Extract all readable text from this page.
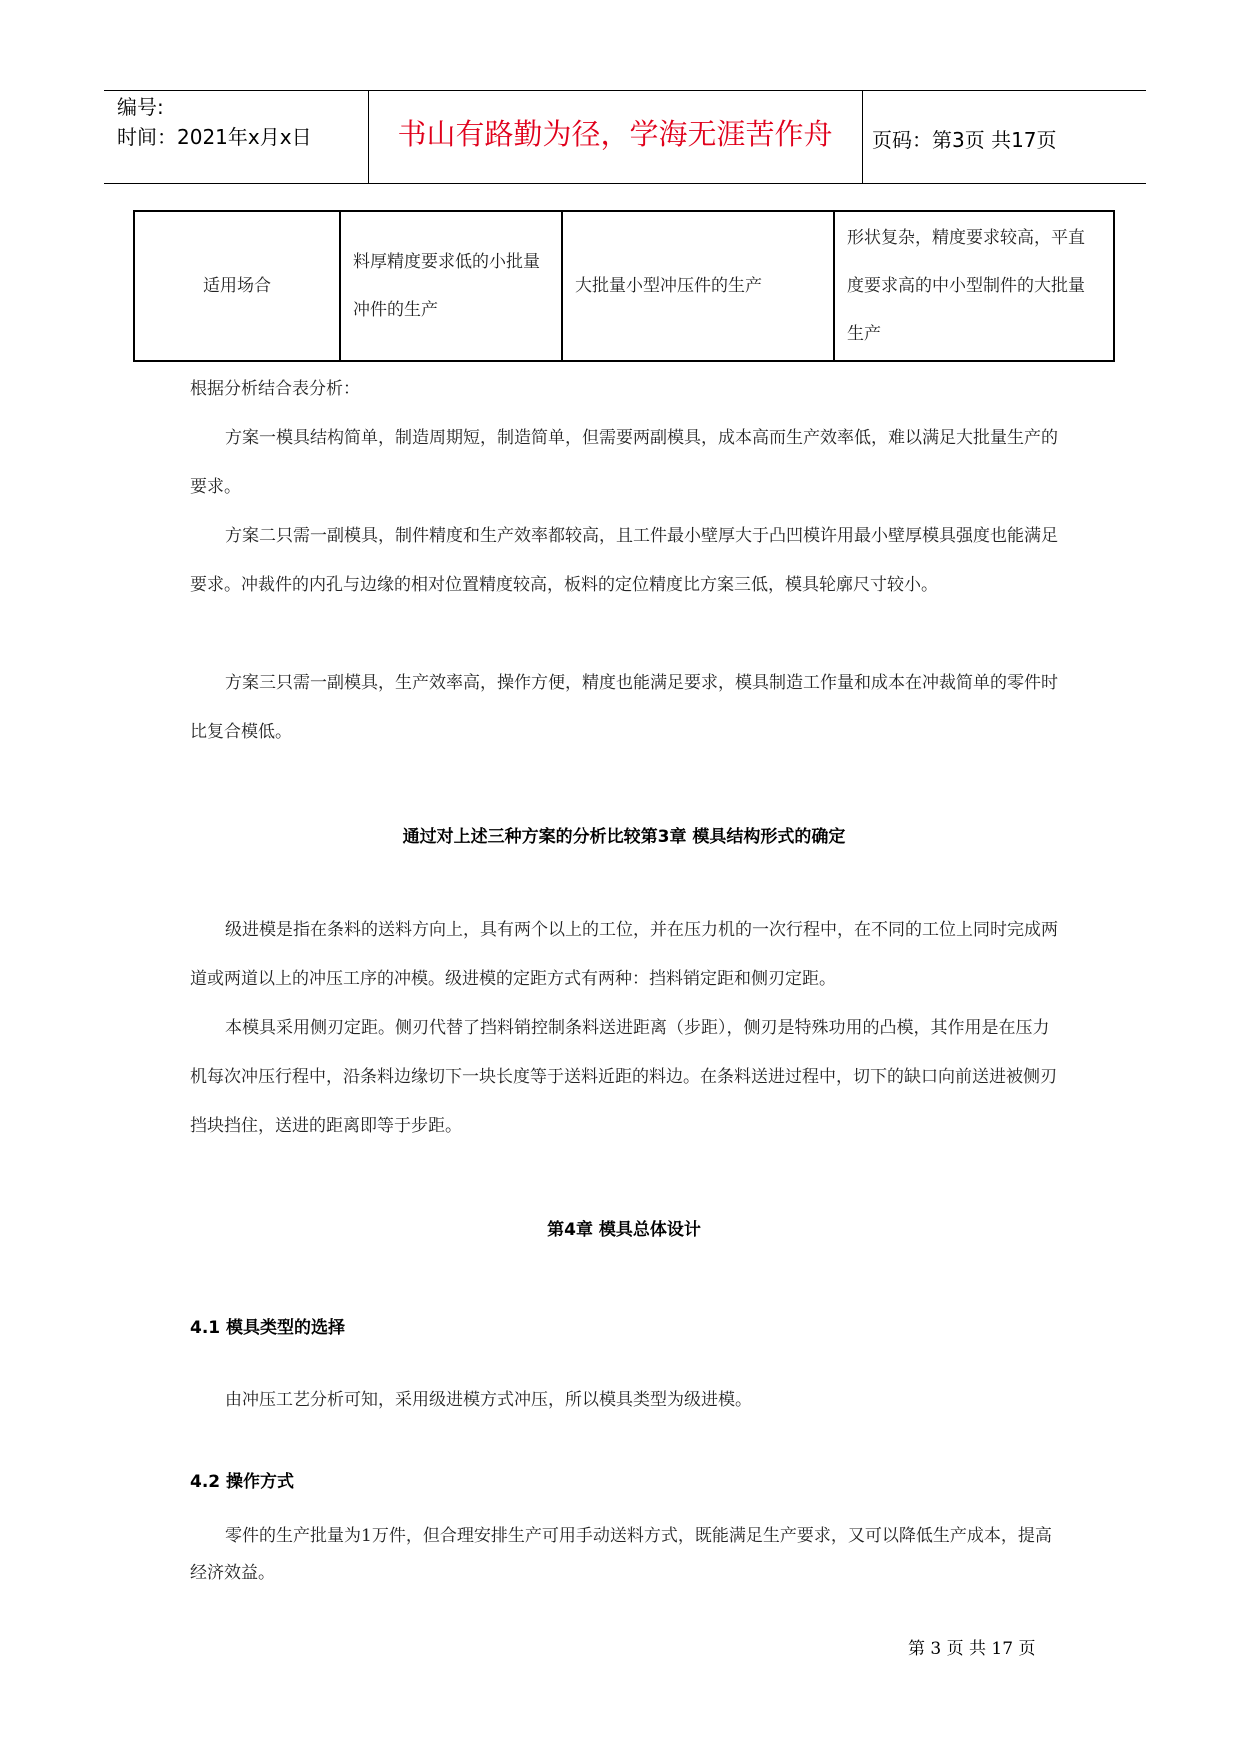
编号:
时间：2021年x月x日	书山有路勤为径，学海无涯苦作舟	页码：第3页 共17页
适用场合	料厚精度要求低的小批量冲件的生产	大批量小型冲压件的生产	形状复杂，精度要求较高，平直度要求高的中小型制件的大批量生产
根据分析结合表分析：
方案一模具结构简单，制造周期短，制造简单，但需要两副模具，成本高而生产效率低，难以满足大批量生产的要求。
方案二只需一副模具，制件精度和生产效率都较高，且工件最小壁厚大于凸凹模许用最小壁厚模具强度也能满足要求。冲裁件的内孔与边缘的相对位置精度较高，板料的定位精度比方案三低，模具轮廓尺寸较小。
方案三只需一副模具，生产效率高，操作方便，精度也能满足要求，模具制造工作量和成本在冲裁简单的零件时比复合模低。
通过对上述三种方案的分析比较第3章 模具结构形式的确定
级进模是指在条料的送料方向上，具有两个以上的工位，并在压力机的一次行程中，在不同的工位上同时完成两道或两道以上的冲压工序的冲模。级进模的定距方式有两种：挡料销定距和侧刃定距。
本模具采用侧刃定距。侧刃代替了挡料销控制条料送进距离（步距），侧刃是特殊功用的凸模，其作用是在压力机每次冲压行程中，沿条料边缘切下一块长度等于送料近距的料边。在条料送进过程中，切下的缺口向前送进被侧刃挡块挡住，送进的距离即等于步距。
第4章 模具总体设计
4.1 模具类型的选择
由冲压工艺分析可知，采用级进模方式冲压，所以模具类型为级进模。
4.2 操作方式
零件的生产批量为1万件，但合理安排生产可用手动送料方式，既能满足生产要求，又可以降低生产成本，提高经济效益。
第 3 页 共 17 页
